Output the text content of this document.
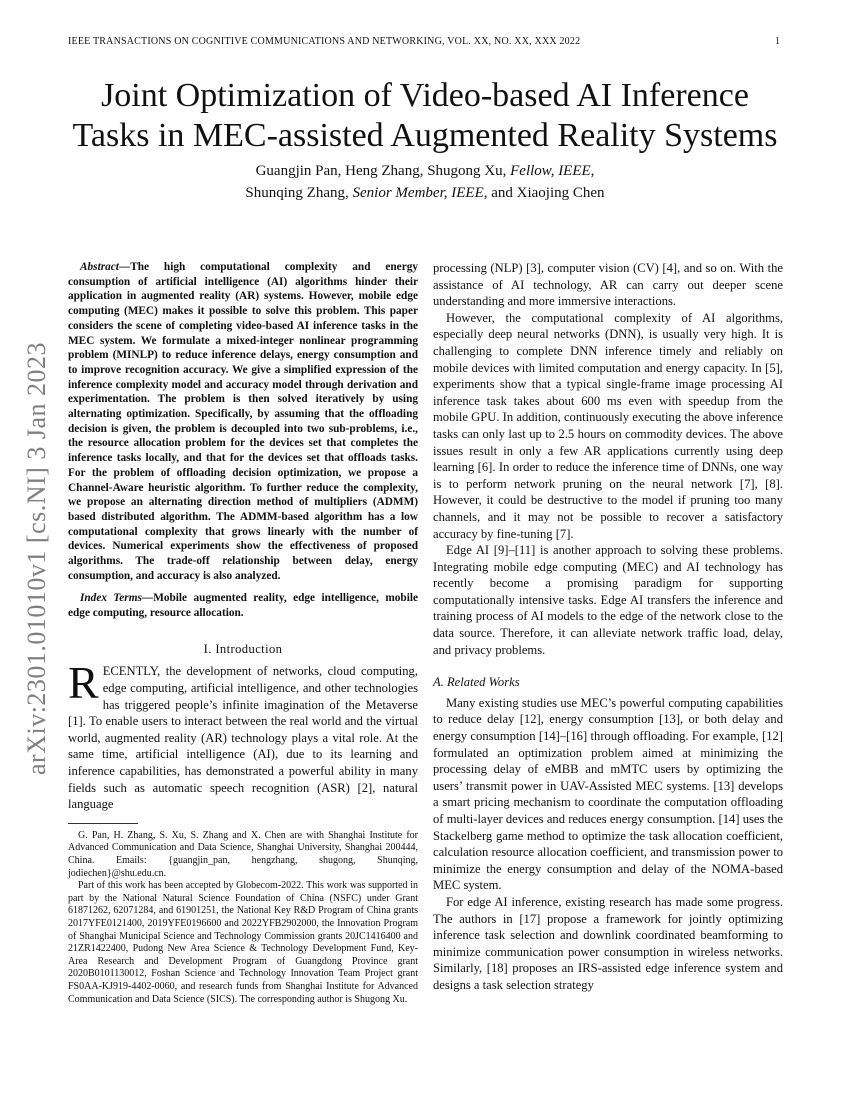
IEEE TRANSACTIONS ON COGNITIVE COMMUNICATIONS AND NETWORKING, VOL. XX, NO. XX, XXX 2022	1
arXiv:2301.01010v1 [cs.NI] 3 Jan 2023
Joint Optimization of Video-based AI Inference
Tasks in MEC-assisted Augmented Reality Systems
Guangjin Pan, Heng Zhang, Shugong Xu, Fellow, IEEE,
Shunqing Zhang, Senior Member, IEEE, and Xiaojing Chen

Abstract—The high computational complexity and energy consumption of artificial intelligence (AI) algorithms hinder their application in augmented reality (AR) systems. However, mobile edge computing (MEC) makes it possible to solve this problem. This paper considers the scene of completing video-based AI inference tasks in the MEC system. We formulate a mixed-integer nonlinear programming problem (MINLP) to reduce inference delays, energy consumption and to improve recognition accuracy. We give a simplified expression of the inference complexity model and accuracy model through derivation and experimentation. The problem is then solved iteratively by using alternating optimization. Specifically, by assuming that the offloading decision is given, the problem is decoupled into two sub-problems, i.e., the resource allocation problem for the devices set that completes the inference tasks locally, and that for the devices set that offloads tasks. For the problem of offloading decision optimization, we propose a Channel-Aware heuristic algorithm. To further reduce the complexity, we propose an alternating direction method of multipliers (ADMM) based distributed algorithm. The ADMM-based algorithm has a low computational complexity that grows linearly with the number of devices. Numerical experiments show the effectiveness of proposed algorithms. The trade-off relationship between delay, energy consumption, and accuracy is also analyzed.

Index Terms—Mobile augmented reality, edge intelligence, mobile edge computing, resource allocation.

I. Introduction

RECENTLY, the development of networks, cloud computing, edge computing, artificial intelligence, and other technologies has triggered people’s infinite imagination of the Metaverse [1]. To enable users to interact between the real world and the virtual world, augmented reality (AR) technology plays a vital role. At the same time, artificial intelligence (AI), due to its learning and inference capabilities, has demonstrated a powerful ability in many fields such as automatic speech recognition (ASR) [2], natural language

G. Pan, H. Zhang, S. Xu, S. Zhang and X. Chen are with Shanghai Institute for Advanced Communication and Data Science, Shanghai University, Shanghai 200444, China. Emails: {guangjin_pan, hengzhang, shugong, Shunqing, jodiechen}@shu.edu.cn.

Part of this work has been accepted by Globecom-2022. This work was supported in part by the National Natural Science Foundation of China (NSFC) under Grant 61871262, 62071284, and 61901251, the National Key R&D Program of China grants 2017YFE0121400, 2019YFE0196600 and 2022YFB2902000, the Innovation Program of Shanghai Municipal Science and Technology Commission grants 20JC1416400 and 21ZR1422400, Pudong New Area Science & Technology Development Fund, Key-Area Research and Development Program of Guangdong Province grant 2020B0101130012, Foshan Science and Technology Innovation Team Project grant FS0AA-KJ919-4402-0060, and research funds from Shanghai Institute for Advanced Communication and Data Science (SICS). The corresponding author is Shugong Xu.

processing (NLP) [3], computer vision (CV) [4], and so on. With the assistance of AI technology, AR can carry out deeper scene understanding and more immersive interactions.

However, the computational complexity of AI algorithms, especially deep neural networks (DNN), is usually very high. It is challenging to complete DNN inference timely and reliably on mobile devices with limited computation and energy capacity. In [5], experiments show that a typical single-frame image processing AI inference task takes about 600 ms even with speedup from the mobile GPU. In addition, continuously executing the above inference tasks can only last up to 2.5 hours on commodity devices. The above issues result in only a few AR applications currently using deep learning [6]. In order to reduce the inference time of DNNs, one way is to perform network pruning on the neural network [7], [8]. However, it could be destructive to the model if pruning too many channels, and it may not be possible to recover a satisfactory accuracy by fine-tuning [7].

Edge AI [9]–[11] is another approach to solving these problems. Integrating mobile edge computing (MEC) and AI technology has recently become a promising paradigm for supporting computationally intensive tasks. Edge AI transfers the inference and training process of AI models to the edge of the network close to the data source. Therefore, it can alleviate network traffic load, delay, and privacy problems.

A. Related Works

Many existing studies use MEC’s powerful computing capabilities to reduce delay [12], energy consumption [13], or both delay and energy consumption [14]–[16] through offloading. For example, [12] formulated an optimization problem aimed at minimizing the processing delay of eMBB and mMTC users by optimizing the users’ transmit power in UAV-Assisted MEC systems. [13] develops a smart pricing mechanism to coordinate the computation offloading of multi-layer devices and reduces energy consumption. [14] uses the Stackelberg game method to optimize the task allocation coefficient, calculation resource allocation coefficient, and transmission power to minimize the energy consumption and delay of the NOMA-based MEC system.

For edge AI inference, existing research has made some progress. The authors in [17] propose a framework for jointly optimizing inference task selection and downlink coordinated beamforming to minimize communication power consumption in wireless networks. Similarly, [18] proposes an IRS-assisted edge inference system and designs a task selection strategy
